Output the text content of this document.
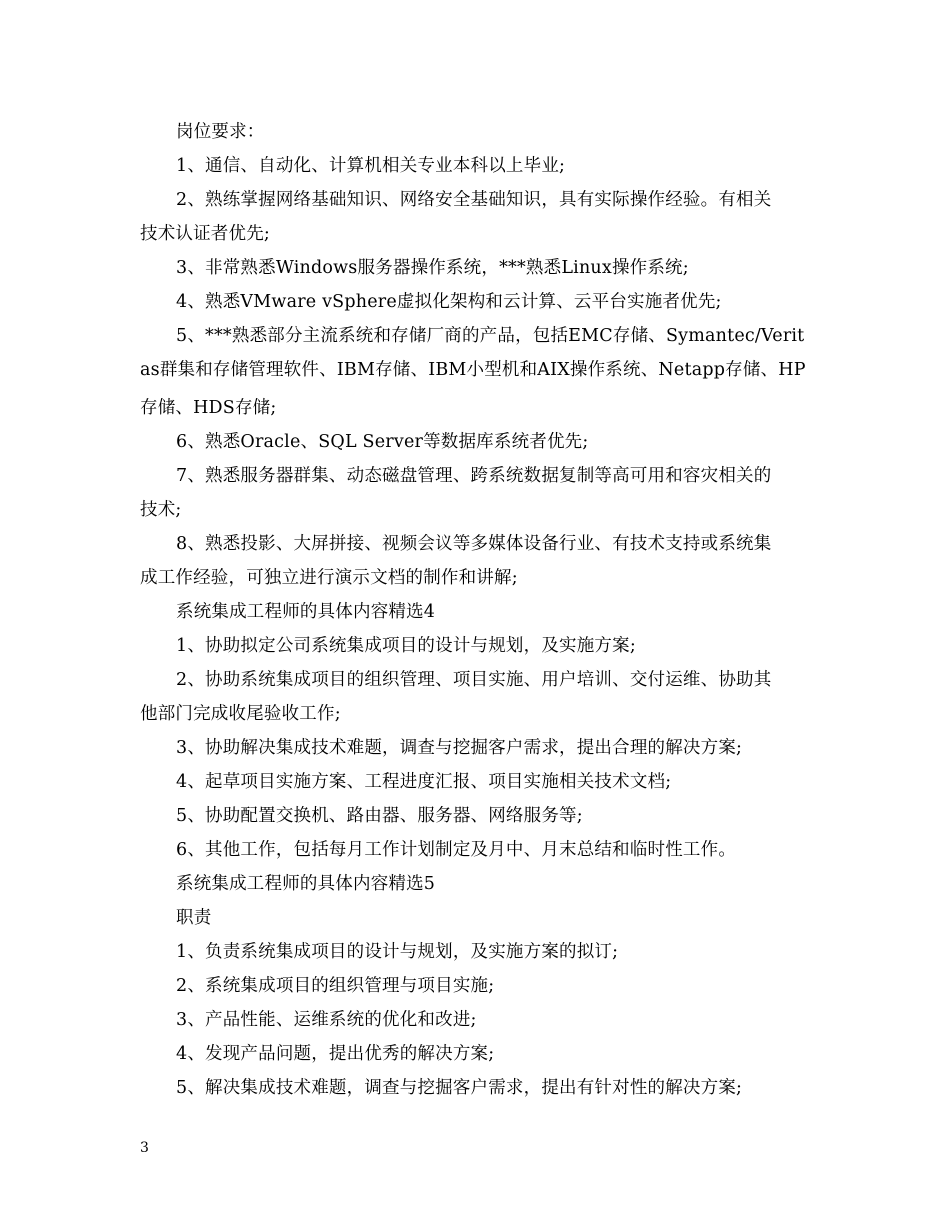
岗位要求：
1、通信、自动化、计算机相关专业本科以上毕业;
2、熟练掌握网络基础知识、网络安全基础知识，具有实际操作经验。有相关
技术认证者优先;
3、非常熟悉Windows服务器操作系统，***熟悉Linux操作系统;
4、熟悉VMware vSphere虚拟化架构和云计算、云平台实施者优先;
5、***熟悉部分主流系统和存储厂商的产品，包括EMC存储、Symantec/Verit
as群集和存储管理软件、IBM存储、IBM小型机和AIX操作系统、Netapp存储、HP
存储、HDS存储;
6、熟悉Oracle、SQL Server等数据库系统者优先;
7、熟悉服务器群集、动态磁盘管理、跨系统数据复制等高可用和容灾相关的
技术;
8、熟悉投影、大屏拼接、视频会议等多媒体设备行业、有技术支持或系统集
成工作经验，可独立进行演示文档的制作和讲解;
系统集成工程师的具体内容精选4
1、协助拟定公司系统集成项目的设计与规划，及实施方案;
2、协助系统集成项目的组织管理、项目实施、用户培训、交付运维、协助其
他部门完成收尾验收工作;
3、协助解决集成技术难题，调查与挖掘客户需求，提出合理的解决方案;
4、起草项目实施方案、工程进度汇报、项目实施相关技术文档;
5、协助配置交换机、路由器、服务器、网络服务等;
6、其他工作，包括每月工作计划制定及月中、月末总结和临时性工作。
系统集成工程师的具体内容精选5
职责
1、负责系统集成项目的设计与规划，及实施方案的拟订;
2、系统集成项目的组织管理与项目实施;
3、产品性能、运维系统的优化和改进;
4、发现产品问题，提出优秀的解决方案;
5、解决集成技术难题，调查与挖掘客户需求，提出有针对性的解决方案;
3
